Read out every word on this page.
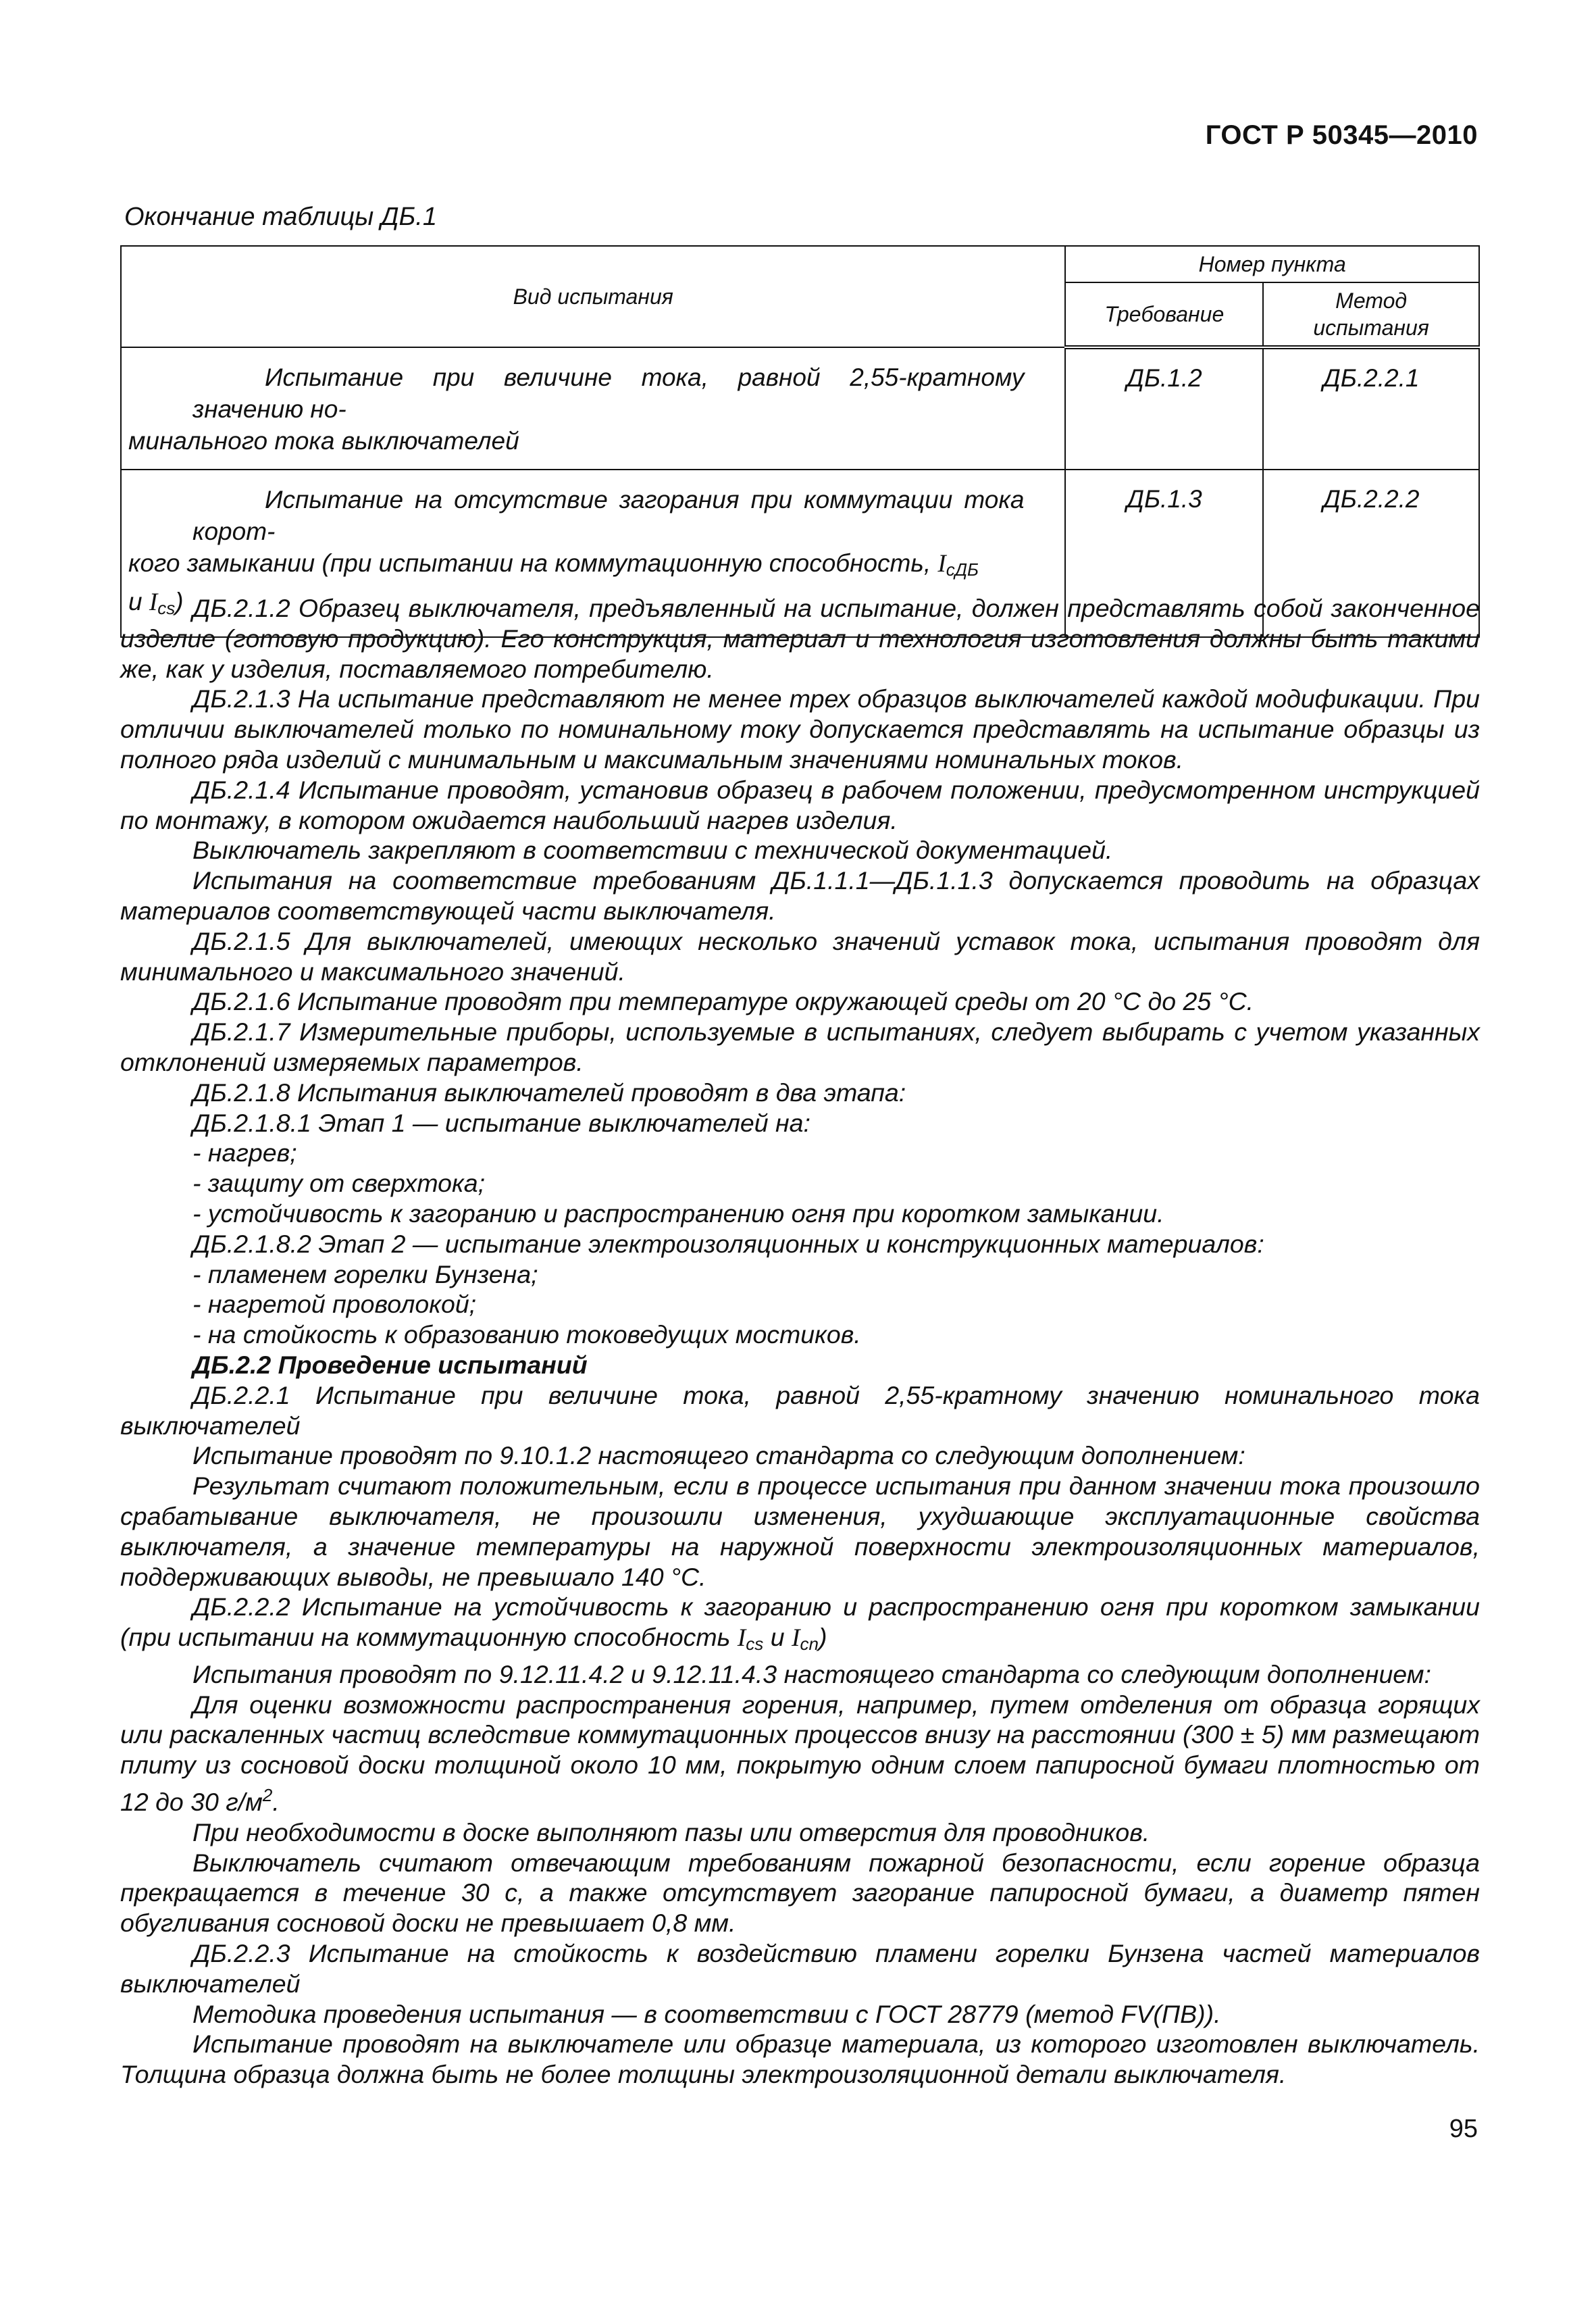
ГОСТ Р 50345—2010
Окончание таблицы ДБ.1
Вид испытания	Номер пункта	
	Требование	Метод
испытания

Испытание при величине тока, равной 2,55-кратному значению но-
минального тока выключателей	ДБ.1.2	ДБ.2.2.1

Испытание на отсутствие загорания при коммутации тока корот-
кого замыкании (при испытании на коммутационную способность, $I_{сДБ}$
и $I_{cs}$)	ДБ.1.3	ДБ.2.2.2

ДБ.2.1.2 Образец выключателя, предъявленный на испытание, должен представлять собой законченное изделие (готовую продукцию). Его конструкция, материал и технология изготовления должны быть такими же, как у изделия, поставляемого потребителю.

ДБ.2.1.3 На испытание представляют не менее трех образцов выключателей каждой модификации. При отличии выключателей только по номинальному току допускается представлять на испытание образцы из полного ряда изделий с минимальным и максимальным значениями номинальных токов.

ДБ.2.1.4 Испытание проводят, установив образец в рабочем положении, предусмотренном инструкцией по монтажу, в котором ожидается наибольший нагрев изделия.

Выключатель закрепляют в соответствии с технической документацией.

Испытания на соответствие требованиям ДБ.1.1.1—ДБ.1.1.3 допускается проводить на образцах материалов соответствующей части выключателя.

ДБ.2.1.5 Для выключателей, имеющих несколько значений уставок тока, испытания проводят для минимального и максимального значений.

ДБ.2.1.6 Испытание проводят при температуре окружающей среды от 20 °С до 25 °С.

ДБ.2.1.7 Измерительные приборы, используемые в испытаниях, следует выбирать с учетом указанных отклонений измеряемых параметров.

ДБ.2.1.8 Испытания выключателей проводят в два этапа:

ДБ.2.1.8.1 Этап 1 — испытание выключателей на:

- нагрев;

- защиту от сверхтока;

- устойчивость к загоранию и распространению огня при коротком замыкании.

ДБ.2.1.8.2 Этап 2 — испытание электроизоляционных и конструкционных материалов:

- пламенем горелки Бунзена;

- нагретой проволокой;

- на стойкость к образованию токоведущих мостиков.

ДБ.2.2 Проведение испытаний

ДБ.2.2.1 Испытание при величине тока, равной 2,55-кратному значению номинального тока выключателей

Испытание проводят по 9.10.1.2 настоящего стандарта со следующим дополнением:

Результат считают положительным, если в процессе испытания при данном значении тока произошло срабатывание выключателя, не произошли изменения, ухудшающие эксплуатационные свойства выключателя, а значение температуры на наружной поверхности электроизоляционных материалов, поддерживающих выводы, не превышало 140 °С.

ДБ.2.2.2 Испытание на устойчивость к загоранию и распространению огня при коротком замыкании (при испытании на коммутационную способность $I_{cs}$ и $I_{cn}$)

Испытания проводят по 9.12.11.4.2 и 9.12.11.4.3 настоящего стандарта со следующим дополнением:

Для оценки возможности распространения горения, например, путем отделения от образца горящих или раскаленных частиц вследствие коммутационных процессов внизу на расстоянии (300 ± 5) мм размещают плиту из сосновой доски толщиной около 10 мм, покрытую одним слоем папиросной бумаги плотностью от 12 до 30 $г/м^2$.

При необходимости в доске выполняют пазы или отверстия для проводников.

Выключатель считают отвечающим требованиям пожарной безопасности, если горение образца прекращается в течение 30 с, а также отсутствует загорание папиросной бумаги, а диаметр пятен обугливания сосновой доски не превышает 0,8 мм.

ДБ.2.2.3 Испытание на стойкость к воздействию пламени горелки Бунзена частей материалов выключателей

Методика проведения испытания — в соответствии с ГОСТ 28779 (метод FV(ПВ)).

Испытание проводят на выключателе или образце материала, из которого изготовлен выключатель. Толщина образца должна быть не более толщины электроизоляционной детали выключателя.

95
